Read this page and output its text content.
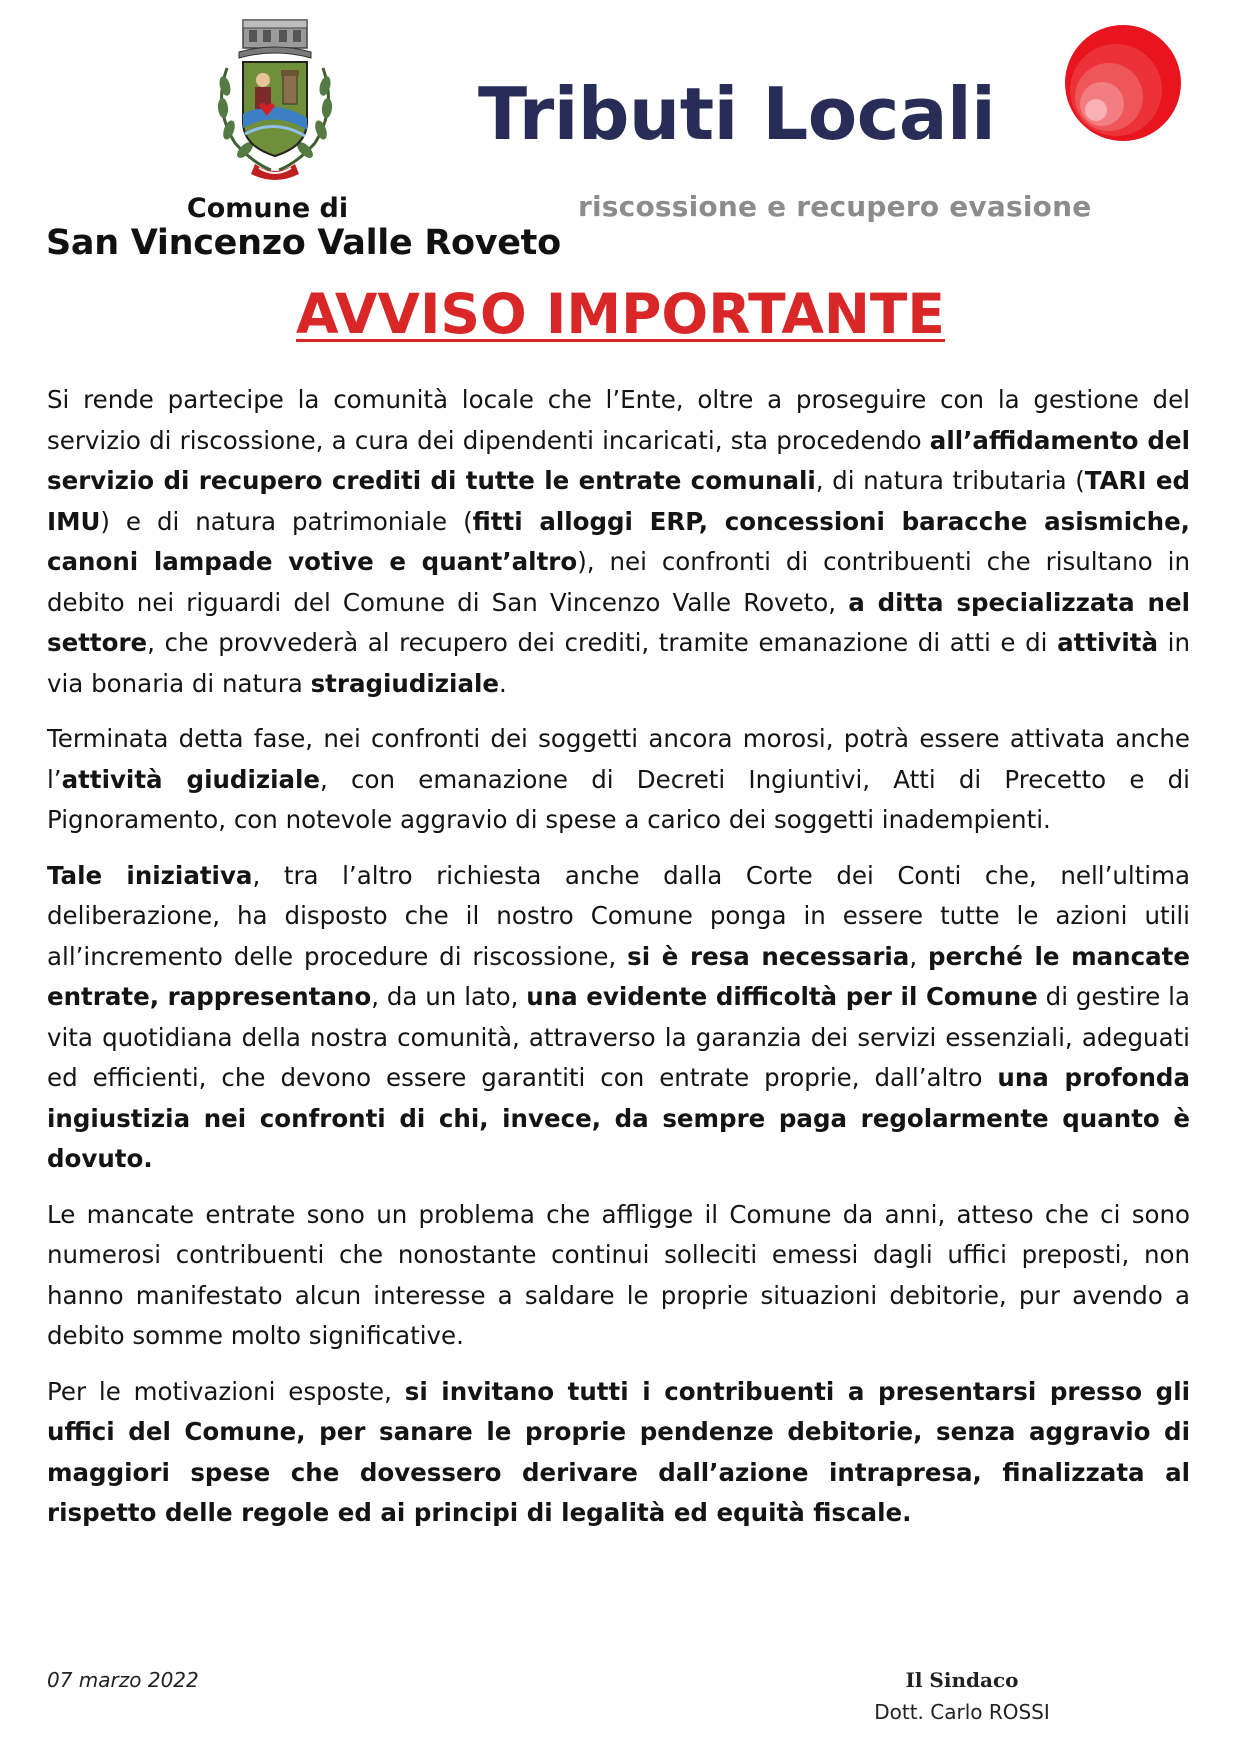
Comune di
San Vincenzo Valle Roveto
Tributi Locali
riscossione e recupero evasione
AVVISO IMPORTANTE

Si rende partecipe la comunità locale che l’Ente, oltre a proseguire con la gestione del servizio di riscossione, a cura dei dipendenti incaricati, sta procedendo all’affidamento del servizio di recupero crediti di tutte le entrate comunali, di natura tributaria (TARI ed IMU) e di natura patrimoniale (fitti alloggi ERP, concessioni baracche asismiche, canoni lampade votive e quant’altro), nei confronti di contribuenti che risultano in debito nei riguardi del Comune di San Vincenzo Valle Roveto, a ditta specializzata nel settore, che provvederà al recupero dei crediti, tramite emanazione di atti e di attività in via bonaria di natura stragiudiziale.

Terminata detta fase, nei confronti dei soggetti ancora morosi, potrà essere attivata anche l’attività giudiziale, con emanazione di Decreti Ingiuntivi, Atti di Precetto e di Pignoramento, con notevole aggravio di spese a carico dei soggetti inadempienti.

Tale iniziativa, tra l’altro richiesta anche dalla Corte dei Conti che, nell’ultima deliberazione, ha disposto che il nostro Comune ponga in essere tutte le azioni utili all’incremento delle procedure di riscossione, si è resa necessaria, perché le mancate entrate, rappresentano, da un lato, una evidente difficoltà per il Comune di gestire la vita quotidiana della nostra comunità, attraverso la garanzia dei servizi essenziali, adeguati ed efficienti, che devono essere garantiti con entrate proprie, dall’altro una profonda ingiustizia nei confronti di chi, invece, da sempre paga regolarmente quanto è dovuto.

Le mancate entrate sono un problema che affligge il Comune da anni, atteso che ci sono numerosi contribuenti che nonostante continui solleciti emessi dagli uffici preposti, non hanno manifestato alcun interesse a saldare le proprie situazioni debitorie, pur avendo a debito somme molto significative.

Per le motivazioni esposte, si invitano tutti i contribuenti a presentarsi presso gli uffici del Comune, per sanare le proprie pendenze debitorie, senza aggravio di maggiori spese che dovessero derivare dall’azione intrapresa, finalizzata al rispetto delle regole ed ai principi di legalità ed equità fiscale.

07 marzo 2022	Il Sindaco
Dott. Carlo ROSSI
